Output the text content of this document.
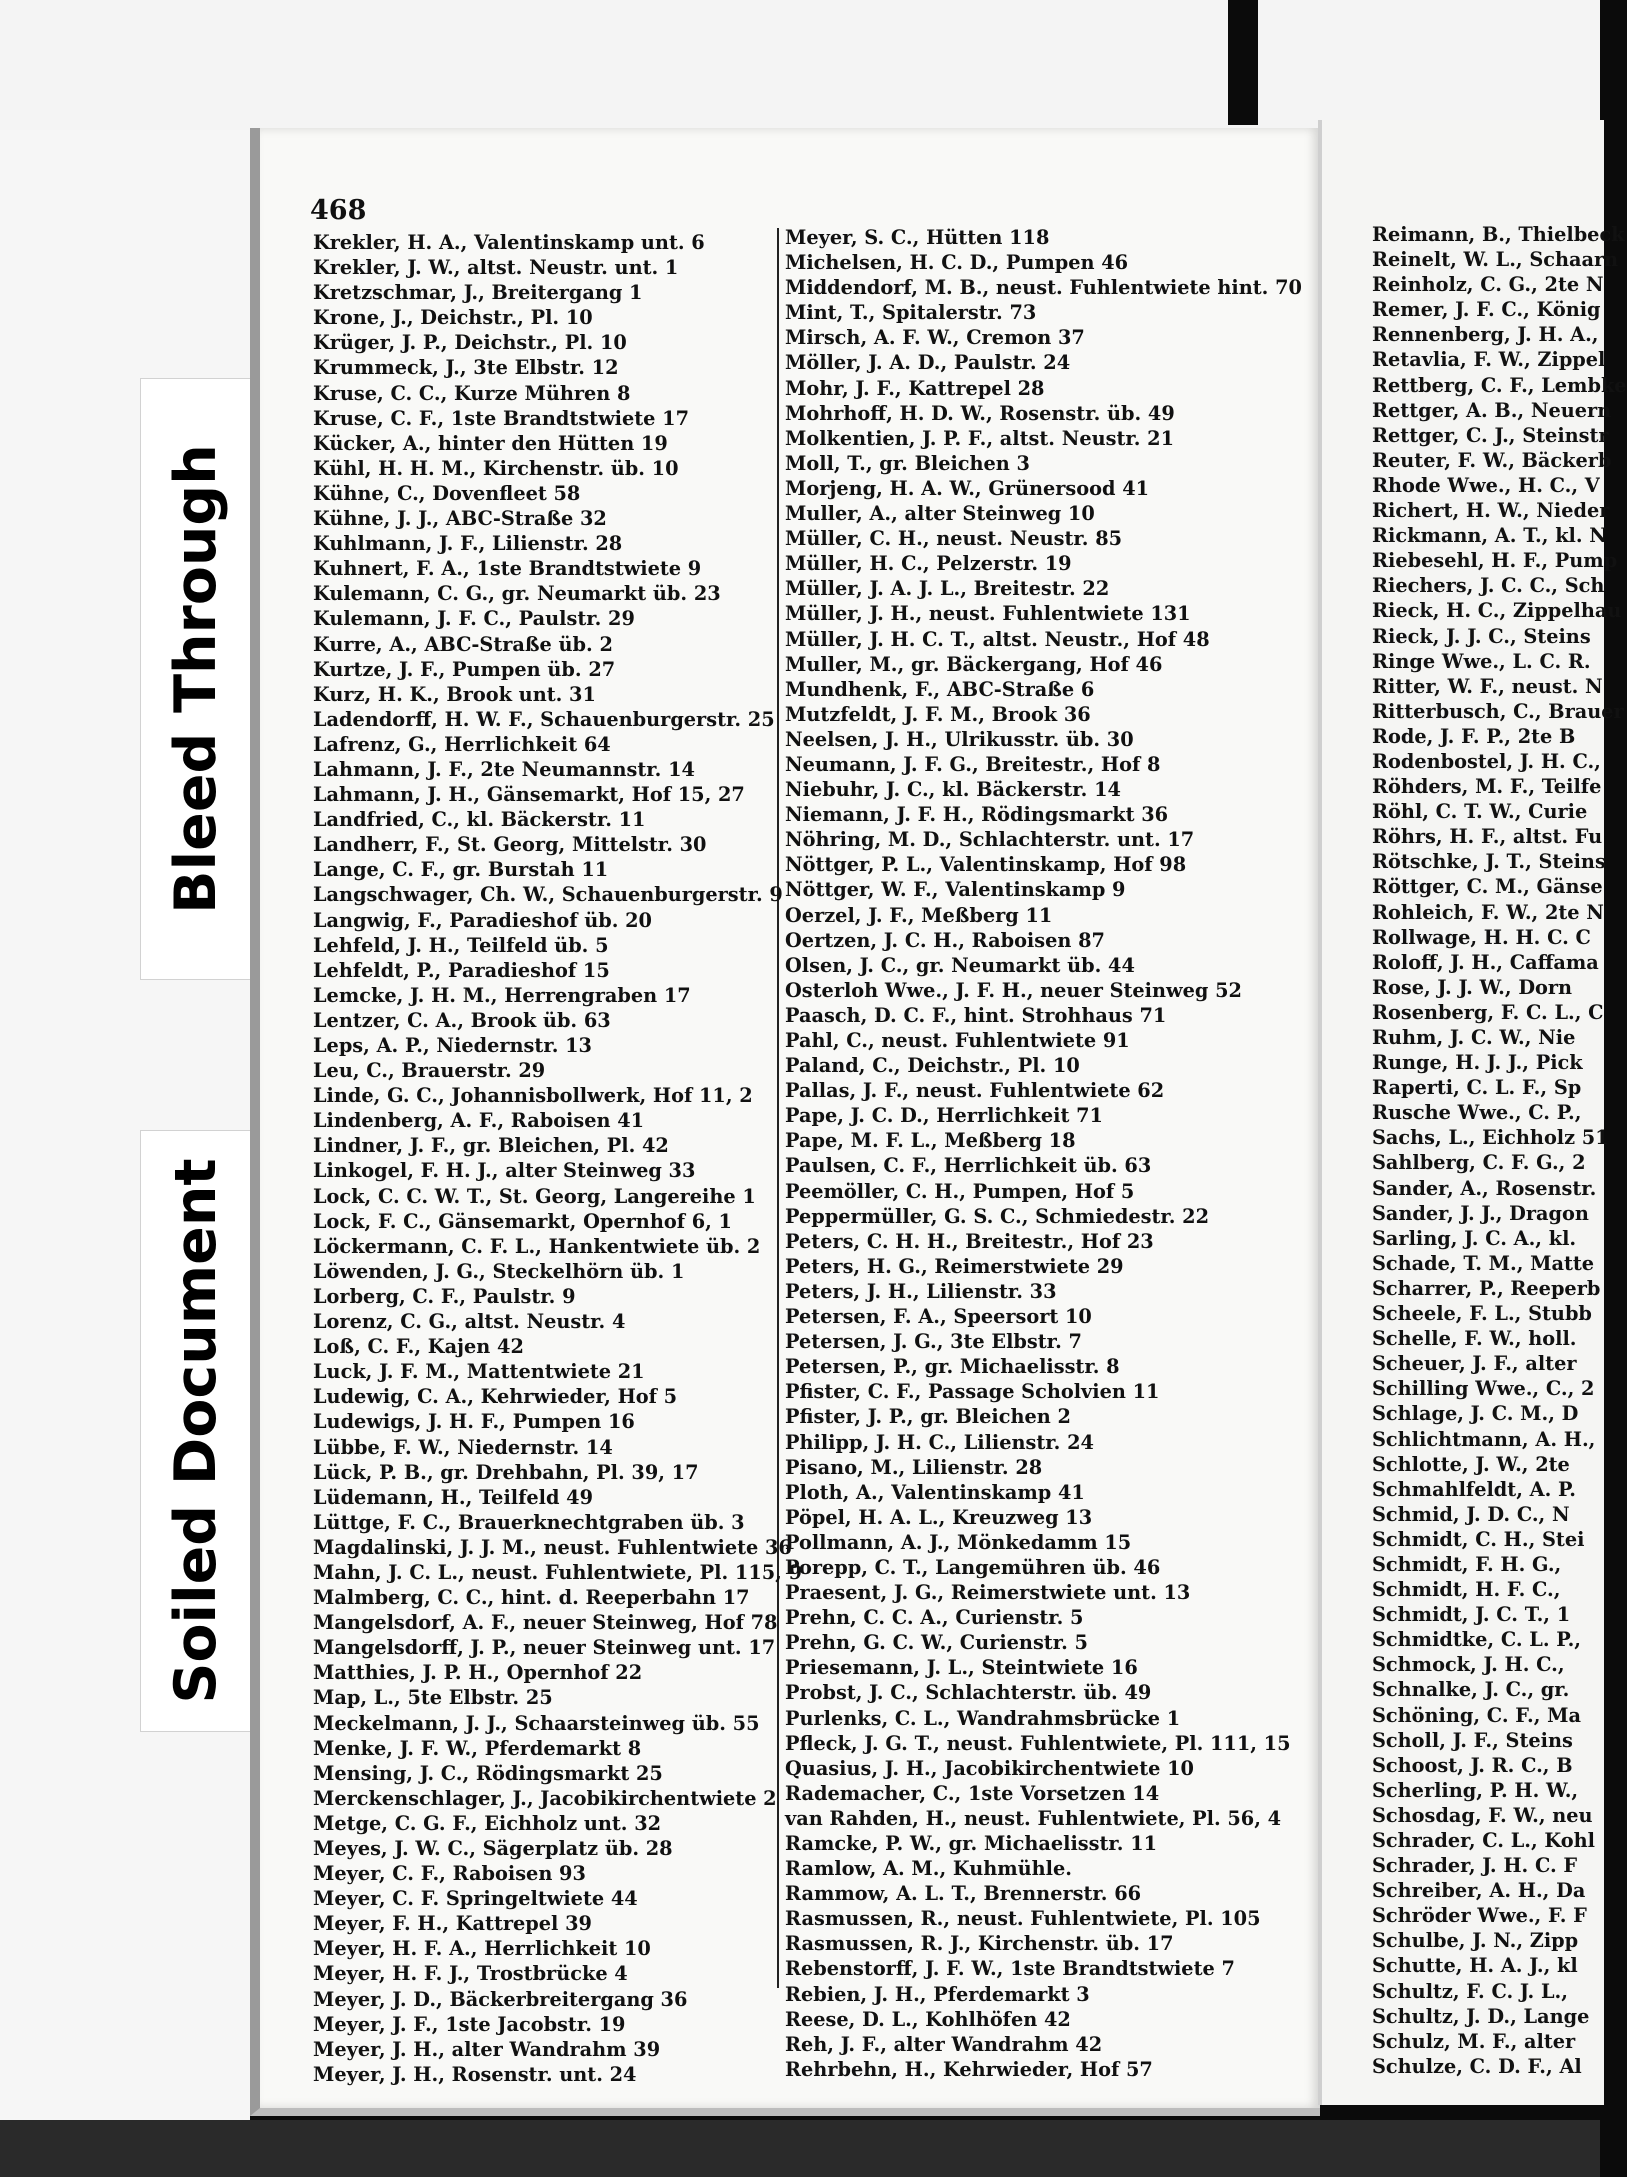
Bleed Through
Soiled Document
468
Krekler, H. A., Valentinskamp unt. 6
Krekler, J. W., altst. Neustr. unt. 1
Kretzschmar, J., Breitergang 1
Krone, J., Deichstr., Pl. 10
Krüger, J. P., Deichstr., Pl. 10
Krummeck, J., 3te Elbstr. 12
Kruse, C. C., Kurze Mühren 8
Kruse, C. F., 1ste Brandtstwiete 17
Kücker, A., hinter den Hütten 19
Kühl, H. H. M., Kirchenstr. üb. 10
Kühne, C., Dovenfleet 58
Kühne, J. J., ABC-Straße 32
Kuhlmann, J. F., Lilienstr. 28
Kuhnert, F. A., 1ste Brandtstwiete 9
Kulemann, C. G., gr. Neumarkt üb. 23
Kulemann, J. F. C., Paulstr. 29
Kurre, A., ABC-Straße üb. 2
Kurtze, J. F., Pumpen üb. 27
Kurz, H. K., Brook unt. 31
Ladendorff, H. W. F., Schauenburgerstr. 25
Lafrenz, G., Herrlichkeit 64
Lahmann, J. F., 2te Neumannstr. 14
Lahmann, J. H., Gänsemarkt, Hof 15, 27
Landfried, C., kl. Bäckerstr. 11
Landherr, F., St. Georg, Mittelstr. 30
Lange, C. F., gr. Burstah 11
Langschwager, Ch. W., Schauenburgerstr. 9
Langwig, F., Paradieshof üb. 20
Lehfeld, J. H., Teilfeld üb. 5
Lehfeldt, P., Paradieshof 15
Lemcke, J. H. M., Herrengraben 17
Lentzer, C. A., Brook üb. 63
Leps, A. P., Niedernstr. 13
Leu, C., Brauerstr. 29
Linde, G. C., Johannisbollwerk, Hof 11, 2
Lindenberg, A. F., Raboisen 41
Lindner, J. F., gr. Bleichen, Pl. 42
Linkogel, F. H. J., alter Steinweg 33
Lock, C. C. W. T., St. Georg, Langereihe 1
Lock, F. C., Gänsemarkt, Opernhof 6, 1
Löckermann, C. F. L., Hankentwiete üb. 2
Löwenden, J. G., Steckelhörn üb. 1
Lorberg, C. F., Paulstr. 9
Lorenz, C. G., altst. Neustr. 4
Loß, C. F., Kajen 42
Luck, J. F. M., Mattentwiete 21
Ludewig, C. A., Kehrwieder, Hof 5
Ludewigs, J. H. F., Pumpen 16
Lübbe, F. W., Niedernstr. 14
Lück, P. B., gr. Drehbahn, Pl. 39, 17
Lüdemann, H., Teilfeld 49
Lüttge, F. C., Brauerknechtgraben üb. 3
Magdalinski, J. J. M., neust. Fuhlentwiete 36
Mahn, J. C. L., neust. Fuhlentwiete, Pl. 115, 9
Malmberg, C. C., hint. d. Reeperbahn 17
Mangelsdorf, A. F., neuer Steinweg, Hof 78
Mangelsdorff, J. P., neuer Steinweg unt. 17
Matthies, J. P. H., Opernhof 22
Map, L., 5te Elbstr. 25
Meckelmann, J. J., Schaarsteinweg üb. 55
Menke, J. F. W., Pferdemarkt 8
Mensing, J. C., Rödingsmarkt 25
Merckenschlager, J., Jacobikirchentwiete 2
Metge, C. G. F., Eichholz unt. 32
Meyes, J. W. C., Sägerplatz üb. 28
Meyer, C. F., Raboisen 93
Meyer, C. F. Springeltwiete 44
Meyer, F. H., Kattrepel 39
Meyer, H. F. A., Herrlichkeit 10
Meyer, H. F. J., Trostbrücke 4
Meyer, J. D., Bäckerbreitergang 36
Meyer, J. F., 1ste Jacobstr. 19
Meyer, J. H., alter Wandrahm 39
Meyer, J. H., Rosenstr. unt. 24
Meyer, S. C., Hütten 118
Michelsen, H. C. D., Pumpen 46
Middendorf, M. B., neust. Fuhlentwiete hint. 70
Mint, T., Spitalerstr. 73
Mirsch, A. F. W., Cremon 37
Möller, J. A. D., Paulstr. 24
Mohr, J. F., Kattrepel 28
Mohrhoff, H. D. W., Rosenstr. üb. 49
Molkentien, J. P. F., altst. Neustr. 21
Moll, T., gr. Bleichen 3
Morjeng, H. A. W., Grünersood 41
Muller, A., alter Steinweg 10
Müller, C. H., neust. Neustr. 85
Müller, H. C., Pelzerstr. 19
Müller, J. A. J. L., Breitestr. 22
Müller, J. H., neust. Fuhlentwiete 131
Müller, J. H. C. T., altst. Neustr., Hof 48
Muller, M., gr. Bäckergang, Hof 46
Mundhenk, F., ABC-Straße 6
Mutzfeldt, J. F. M., Brook 36
Neelsen, J. H., Ulrikusstr. üb. 30
Neumann, J. F. G., Breitestr., Hof 8
Niebuhr, J. C., kl. Bäckerstr. 14
Niemann, J. F. H., Rödingsmarkt 36
Nöhring, M. D., Schlachterstr. unt. 17
Nöttger, P. L., Valentinskamp, Hof 98
Nöttger, W. F., Valentinskamp 9
Oerzel, J. F., Meßberg 11
Oertzen, J. C. H., Raboisen 87
Olsen, J. C., gr. Neumarkt üb. 44
Osterloh Wwe., J. F. H., neuer Steinweg 52
Paasch, D. C. F., hint. Strohhaus 71
Pahl, C., neust. Fuhlentwiete 91
Paland, C., Deichstr., Pl. 10
Pallas, J. F., neust. Fuhlentwiete 62
Pape, J. C. D., Herrlichkeit 71
Pape, M. F. L., Meßberg 18
Paulsen, C. F., Herrlichkeit üb. 63
Peemöller, C. H., Pumpen, Hof 5
Peppermüller, G. S. C., Schmiedestr. 22
Peters, C. H. H., Breitestr., Hof 23
Peters, H. G., Reimerstwiete 29
Peters, J. H., Lilienstr. 33
Petersen, F. A., Speersort 10
Petersen, J. G., 3te Elbstr. 7
Petersen, P., gr. Michaelisstr. 8
Pfister, C. F., Passage Scholvien 11
Pfister, J. P., gr. Bleichen 2
Philipp, J. H. C., Lilienstr. 24
Pisano, M., Lilienstr. 28
Ploth, A., Valentinskamp 41
Pöpel, H. A. L., Kreuzweg 13
Pollmann, A. J., Mönkedamm 15
Porepp, C. T., Langemühren üb. 46
Praesent, J. G., Reimerstwiete unt. 13
Prehn, C. C. A., Curienstr. 5
Prehn, G. C. W., Curienstr. 5
Priesemann, J. L., Steintwiete 16
Probst, J. C., Schlachterstr. üb. 49
Purlenks, C. L., Wandrahmsbrücke 1
Pfleck, J. G. T., neust. Fuhlentwiete, Pl. 111, 15
Quasius, J. H., Jacobikirchentwiete 10
Rademacher, C., 1ste Vorsetzen 14
van Rahden, H., neust. Fuhlentwiete, Pl. 56, 4
Ramcke, P. W., gr. Michaelisstr. 11
Ramlow, A. M., Kuhmühle.
Rammow, A. L. T., Brennerstr. 66
Rasmussen, R., neust. Fuhlentwiete, Pl. 105
Rasmussen, R. J., Kirchenstr. üb. 17
Rebenstorff, J. F. W., 1ste Brandtstwiete 7
Rebien, J. H., Pferdemarkt 3
Reese, D. L., Kohlhöfen 42
Reh, J. F., alter Wandrahm 42
Rehrbehn, H., Kehrwieder, Hof 57
Reimann, B., Thielbeck
Reinelt, W. L., Schaarn
Reinholz, C. G., 2te N
Remer, J. F. C., König
Rennenberg, J. H. A.,
Retavlia, F. W., Zippel
Rettberg, C. F., Lembke
Rettger, A. B., Neuern
Rettger, C. J., Steinstr
Reuter, F. W., Bäckerb
Rhode Wwe., H. C., V
Richert, H. W., Nieder
Rickmann, A. T., kl. N
Riebesehl, H. F., Pump
Riechers, J. C. C., Sch
Rieck, H. C., Zippelhau
Rieck, J. J. C., Steins
Ringe Wwe., L. C. R.
Ritter, W. F., neust. N
Ritterbusch, C., Brauer
Rode, J. F. P., 2te B
Rodenbostel, J. H. C.,
Röhders, M. F., Teilfe
Röhl, C. T. W., Curie
Röhrs, H. F., altst. Fu
Rötschke, J. T., Steins
Röttger, C. M., Gänse
Rohleich, F. W., 2te N
Rollwage, H. H. C. C
Roloff, J. H., Caffama
Rose, J. J. W., Dorn
Rosenberg, F. C. L., C
Ruhm, J. C. W., Nie
Runge, H. J. J., Pick
Raperti, C. L. F., Sp
Rusche Wwe., C. P.,
Sachs, L., Eichholz 51
Sahlberg, C. F. G., 2
Sander, A., Rosenstr.
Sander, J. J., Dragon
Sarling, J. C. A., kl.
Schade, T. M., Matte
Scharrer, P., Reeperb
Scheele, F. L., Stubb
Schelle, F. W., holl.
Scheuer, J. F., alter
Schilling Wwe., C., 2
Schlage, J. C. M., D
Schlichtmann, A. H.,
Schlotte, J. W., 2te
Schmahlfeldt, A. P.
Schmid, J. D. C., N
Schmidt, C. H., Stei
Schmidt, F. H. G.,
Schmidt, H. F. C.,
Schmidt, J. C. T., 1
Schmidtke, C. L. P.,
Schmock, J. H. C.,
Schnalke, J. C., gr.
Schöning, C. F., Ma
Scholl, J. F., Steins
Schoost, J. R. C., B
Scherling, P. H. W.,
Schosdag, F. W., neu
Schrader, C. L., Kohl
Schrader, J. H. C. F
Schreiber, A. H., Da
Schröder Wwe., F. F
Schulbe, J. N., Zipp
Schutte, H. A. J., kl
Schultz, F. C. J. L.,
Schultz, J. D., Lange
Schulz, M. F., alter
Schulze, C. D. F., Al
